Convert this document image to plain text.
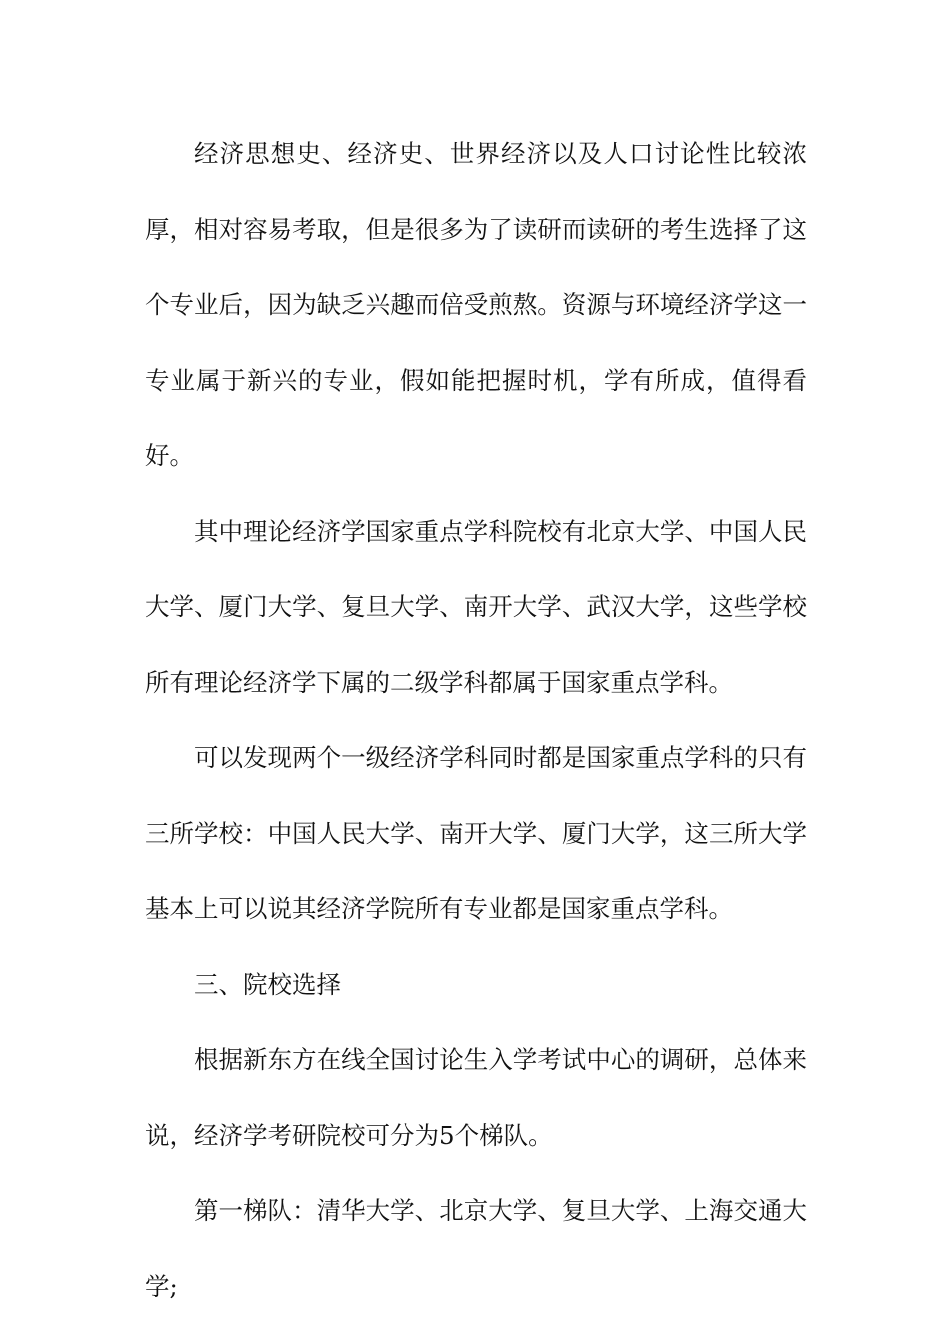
经济思想史、经济史、世界经济以及人口讨论性比较浓厚，相对容易考取，但是很多为了读研而读研的考生选择了这个专业后，因为缺乏兴趣而倍受煎熬。资源与环境经济学这一专业属于新兴的专业，假如能把握时机，学有所成，值得看好。

其中理论经济学国家重点学科院校有北京大学、中国人民大学、厦门大学、复旦大学、南开大学、武汉大学，这些学校所有理论经济学下属的二级学科都属于国家重点学科。

可以发现两个一级经济学科同时都是国家重点学科的只有三所学校：中国人民大学、南开大学、厦门大学，这三所大学基本上可以说其经济学院所有专业都是国家重点学科。

三、院校选择

根据新东方在线全国讨论生入学考试中心的调研，总体来说，经济学考研院校可分为5个梯队。

第一梯队：清华大学、北京大学、复旦大学、上海交通大学;
